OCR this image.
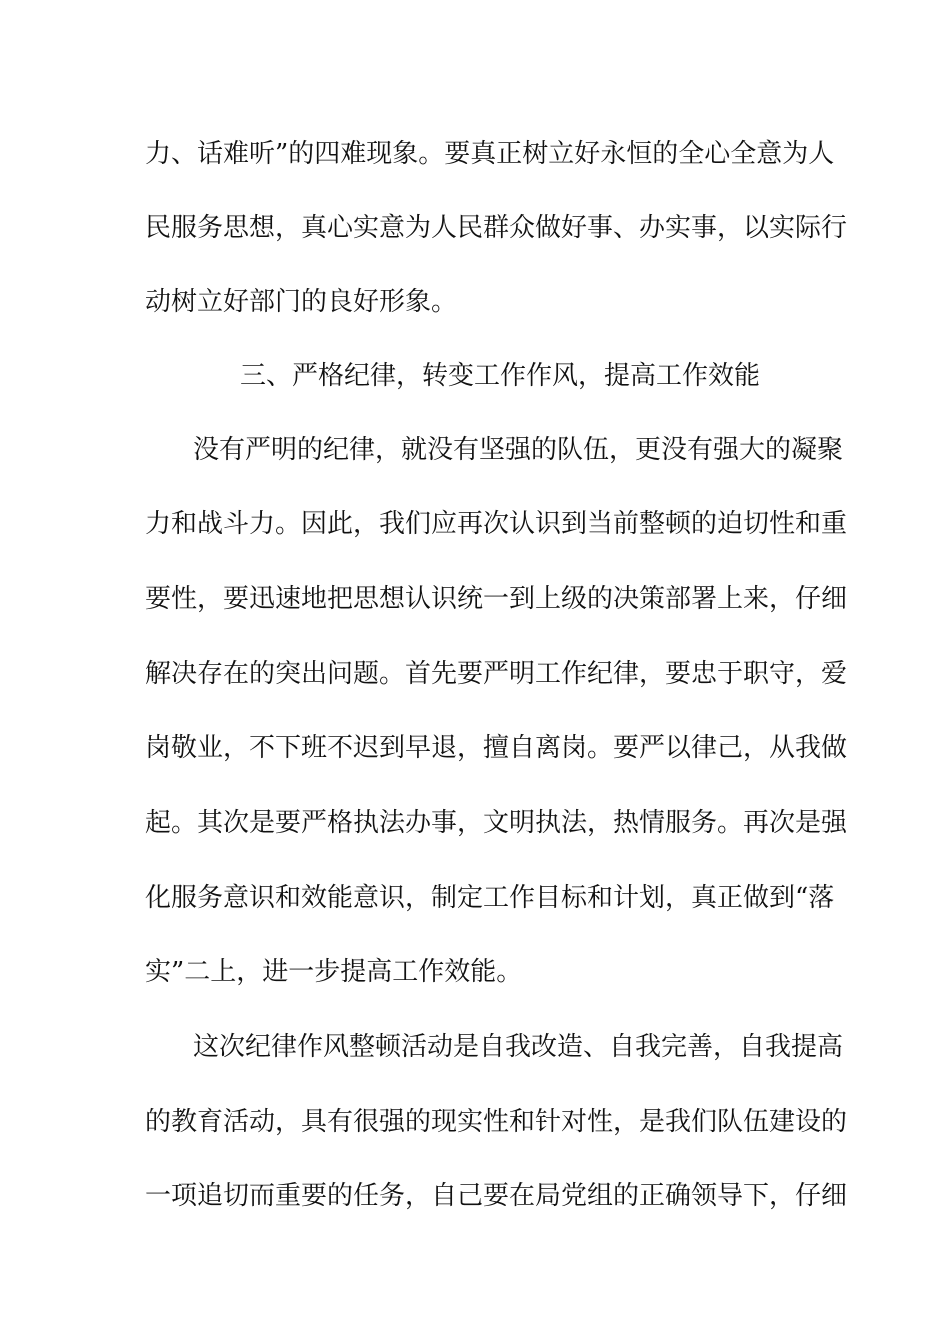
力、话难听”的四难现象。要真正树立好永恒的全心全意为人
民服务思想，真心实意为人民群众做好事、办实事，以实际行
动树立好部门的良好形象。
三、严格纪律，转变工作作风，提高工作效能
没有严明的纪律，就没有坚强的队伍，更没有强大的凝聚
力和战斗力。因此，我们应再次认识到当前整顿的迫切性和重
要性，要迅速地把思想认识统一到上级的决策部署上来，仔细
解决存在的突出问题。首先要严明工作纪律，要忠于职守，爱
岗敬业，不下班不迟到早退，擅自离岗。要严以律己，从我做
起。其次是要严格执法办事，文明执法，热情服务。再次是强
化服务意识和效能意识，制定工作目标和计划，真正做到“落
实”二上，进一步提高工作效能。
这次纪律作风整顿活动是自我改造、自我完善，自我提高
的教育活动，具有很强的现实性和针对性，是我们队伍建设的
一项追切而重要的任务，自己要在局党组的正确领导下，仔细
